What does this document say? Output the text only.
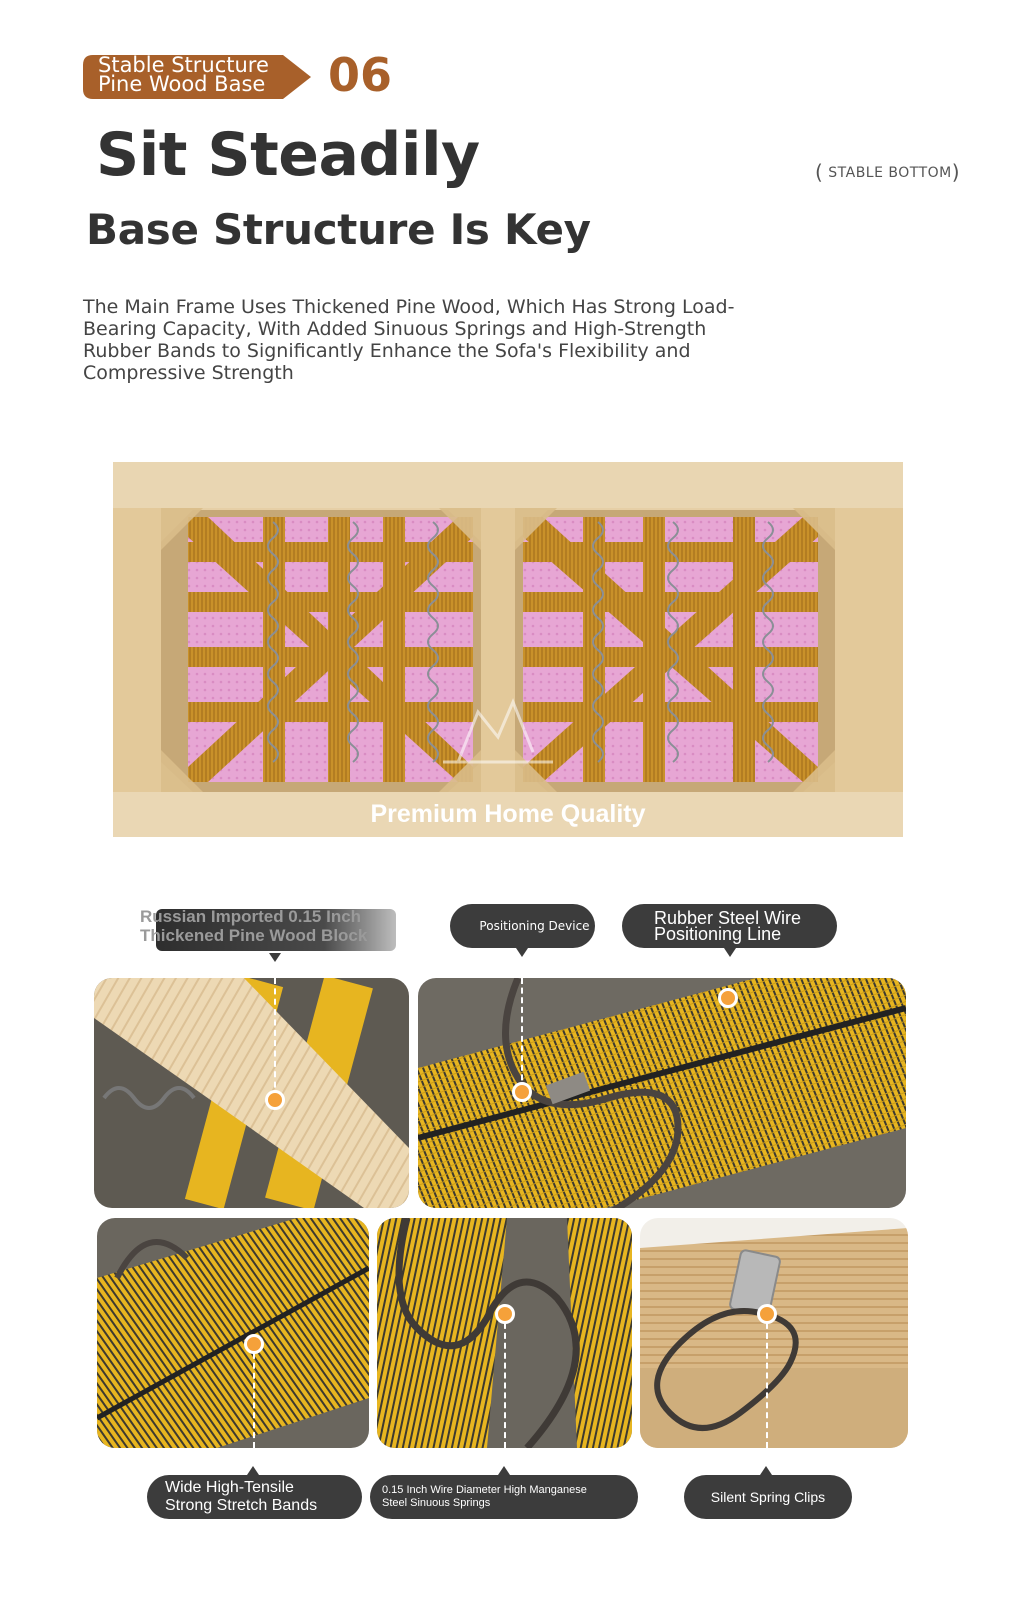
Stable Structure
Pine Wood Base 06
Sit Steadily
Base Structure Is Key
( STABLE BOTTOM)
The Main Frame Uses Thickened Pine Wood, Which Has Strong Load-Bearing Capacity, With Added Sinuous Springs and High-Strength Rubber Bands to Significantly Enhance the Sofa's Flexibility and Compressive Strength
Premium Home Quality
Russian Imported 0.15 Inch
Thickened Pine Wood Block	Positioning Device	Rubber Steel Wire
Positioning Line
Wide High-Tensile
Strong Stretch Bands
0.15 Inch Wire Diameter High Manganese
Steel Sinuous Springs	Silent Spring Clips
